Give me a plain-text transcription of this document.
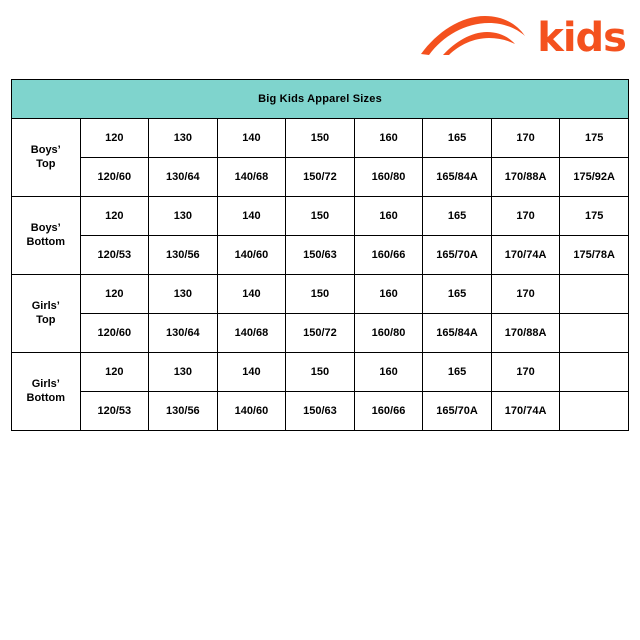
kids
Big Kids Apparel Sizes								
Boys’
Top	120	130	140	150	160	165	170	175
	120/60	130/64	140/68	150/72	160/80	165/84A	170/88A	175/92A
Boys’
Bottom	120	130	140	150	160	165	170	175
	120/53	130/56	140/60	150/63	160/66	165/70A	170/74A	175/78A
Girls’
Top	120	130	140	150	160	165	170	
	120/60	130/64	140/68	150/72	160/80	165/84A	170/88A	
Girls’
Bottom	120	130	140	150	160	165	170	
	120/53	130/56	140/60	150/63	160/66	165/70A	170/74A	
